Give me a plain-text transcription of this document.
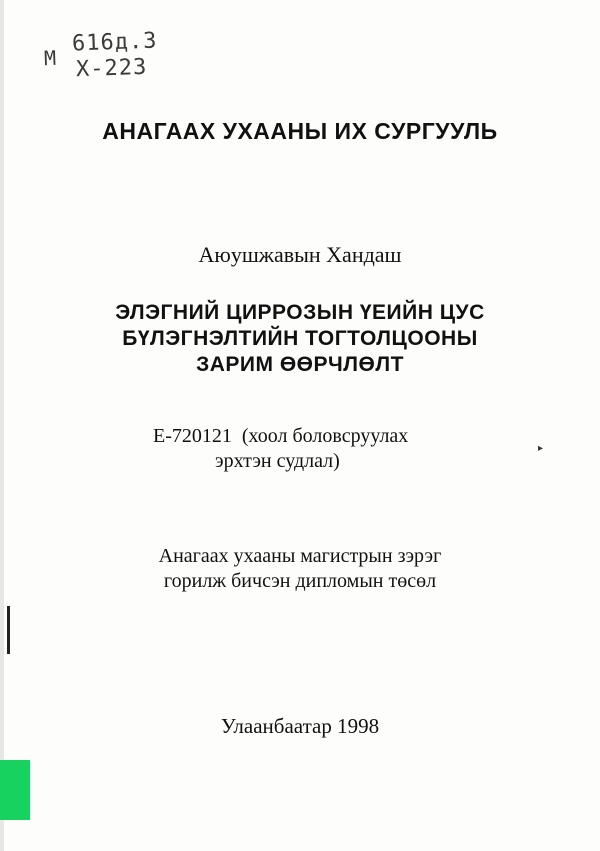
▸
M
616д.3
Х-223
АНАГААХ УХААНЫ ИХ СУРГУУЛЬ
Аюушжавын Хандаш
ЭЛЭГНИЙ ЦИРРОЗЫН ҮЕИЙН ЦУС
БҮЛЭГНЭЛТИЙН ТОГТОЛЦООНЫ
ЗАРИМ ӨӨРЧЛӨЛТ
Е-720121  (хоол боловсруулах
эрхтэн судлал)
Анагаах ухааны магистрын зэрэг
горилж бичсэн дипломын төсөл
Улаанбаатар 1998
